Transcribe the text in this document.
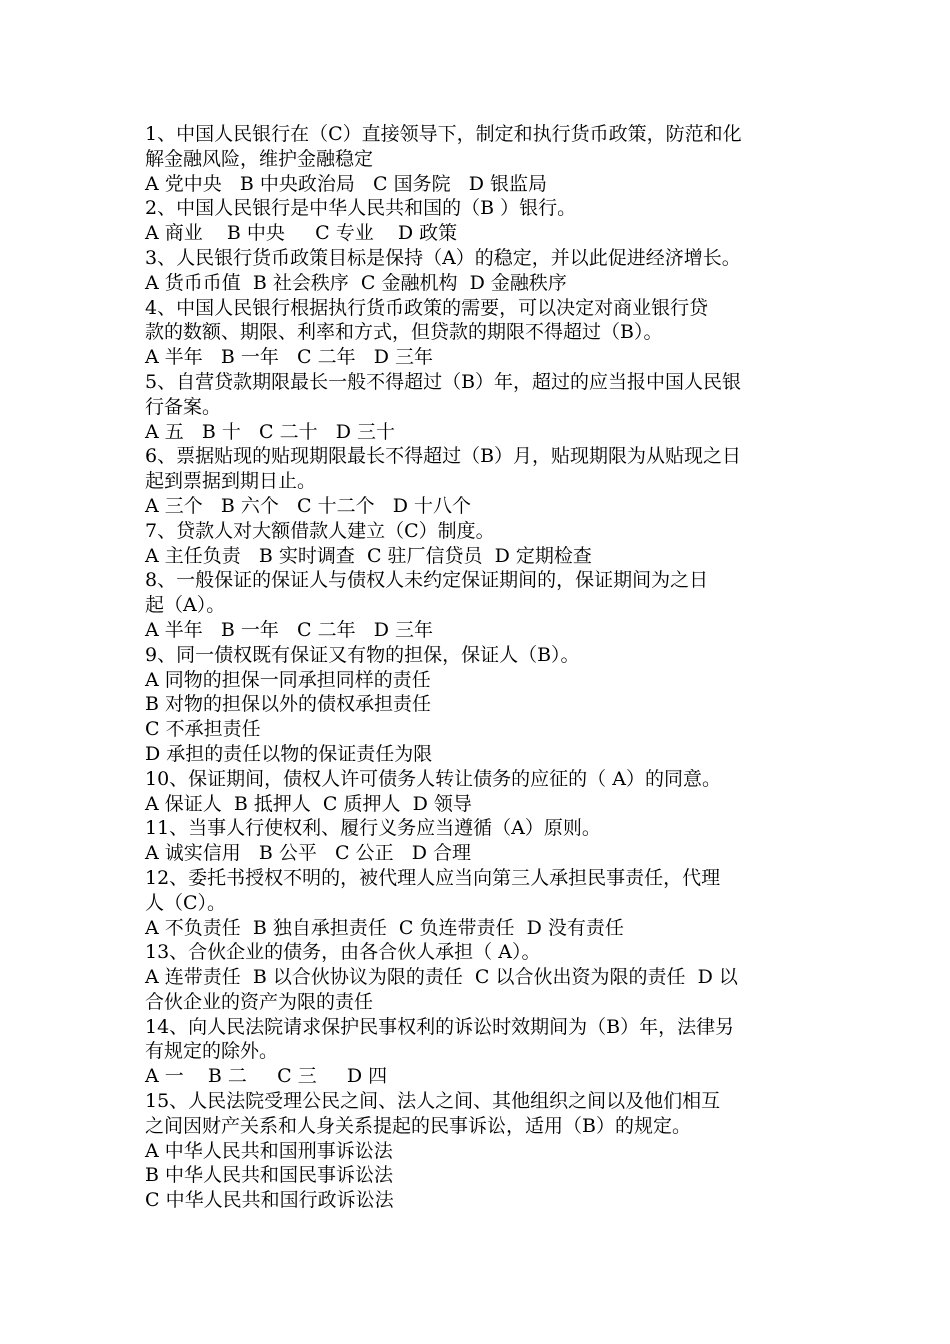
1、中国人民银行在（C）直接领导下，制定和执行货币政策，防范和化

解金融风险，维护金融稳定

A 党中央   B 中央政治局   C 国务院   D 银监局

2、中国人民银行是中华人民共和国的（B ）银行。

A 商业    B 中央     C 专业    D 政策

3、人民银行货币政策目标是保持（A）的稳定，并以此促进经济增长。

A 货币币值  B 社会秩序  C 金融机构  D 金融秩序

4、中国人民银行根据执行货币政策的需要，可以决定对商业银行贷

款的数额、期限、利率和方式，但贷款的期限不得超过（B）。

A 半年   B 一年   C 二年   D 三年

5、自营贷款期限最长一般不得超过（B）年，超过的应当报中国人民银

行备案。

A 五   B 十   C 二十   D 三十

6、票据贴现的贴现期限最长不得超过（B）月，贴现期限为从贴现之日

起到票据到期日止。

A 三个   B 六个   C 十二个   D 十八个

7、贷款人对大额借款人建立（C）制度。

A 主任负责   B 实时调查  C 驻厂信贷员  D 定期检查

8、一般保证的保证人与债权人未约定保证期间的，保证期间为之日

起（A）。

A 半年   B 一年   C 二年   D 三年

9、同一债权既有保证又有物的担保，保证人（B）。

A 同物的担保一同承担同样的责任

B 对物的担保以外的债权承担责任

C 不承担责任

D 承担的责任以物的保证责任为限

10、保证期间，债权人许可债务人转让债务的应征的（ A）的同意。

A 保证人  B 抵押人  C 质押人  D 领导

11、当事人行使权利、履行义务应当遵循（A）原则。

A 诚实信用   B 公平   C 公正   D 合理

12、委托书授权不明的，被代理人应当向第三人承担民事责任，代理

人（C）。

A 不负责任  B 独自承担责任  C 负连带责任  D 没有责任

13、合伙企业的债务，由各合伙人承担（ A）。

A 连带责任  B 以合伙协议为限的责任  C 以合伙出资为限的责任  D 以

合伙企业的资产为限的责任

14、向人民法院请求保护民事权利的诉讼时效期间为（B）年，法律另

有规定的除外。

A 一    B 二     C 三     D 四

15、人民法院受理公民之间、法人之间、其他组织之间以及他们相互

之间因财产关系和人身关系提起的民事诉讼，适用（B）的规定。

A 中华人民共和国刑事诉讼法

B 中华人民共和国民事诉讼法

C 中华人民共和国行政诉讼法
